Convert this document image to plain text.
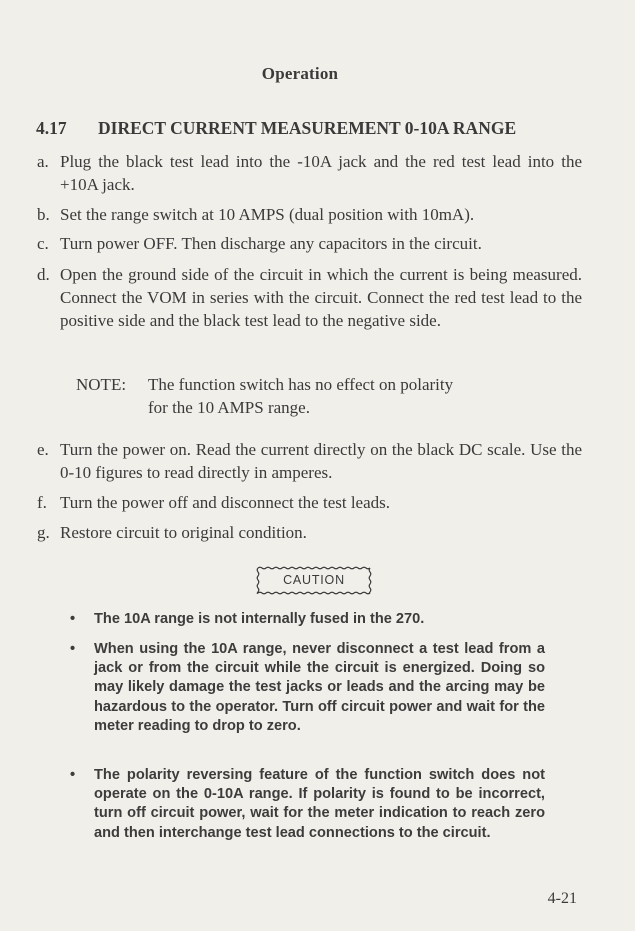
Operation
4.17 DIRECT CURRENT MEASUREMENT 0-10A RANGE
a. Plug the black test lead into the -10A jack and the red test lead into the +10A jack.
b. Set the range switch at 10 AMPS (dual position with 10mA).
c. Turn power OFF. Then discharge any capacitors in the circuit.
d. Open the ground side of the circuit in which the current is being measured. Connect the VOM in series with the circuit. Connect the red test lead to the positive side and the black test lead to the negative side.
e. Turn the power on. Read the current directly on the black DC scale. Use the 0-10 figures to read directly in amperes.
f. Turn the power off and disconnect the test leads.
g. Restore circuit to original condition.
NOTE: The function switch has no effect on polarity
for the 10 AMPS range.
CAUTION
•	The 10A range is not internally fused in the 270.
•	When using the 10A range, never disconnect a test lead from a jack or from the circuit while the circuit is energized. Doing so may likely damage the test jacks or leads and the arcing may be hazardous to the operator. Turn off circuit power and wait for the meter reading to drop to zero.
•	The polarity reversing feature of the function switch does not operate on the 0-10A range. If polarity is found to be incorrect, turn off circuit power, wait for the meter indication to reach zero and then interchange test lead connections to the circuit.
4-21
